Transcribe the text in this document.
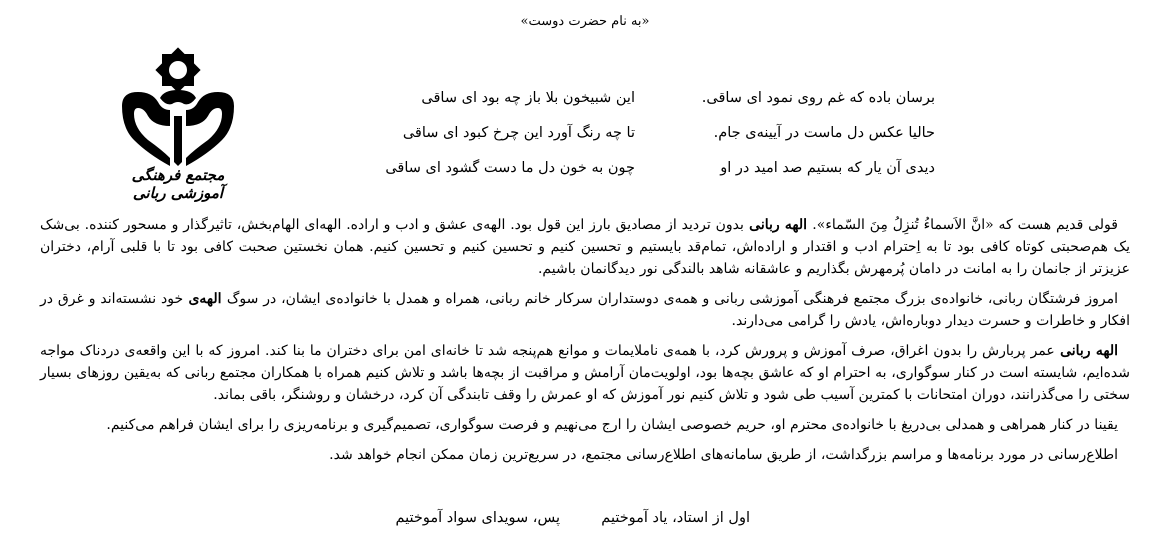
«به نام حضرت دوست»
مجتمع فرهنگی آموزشی ربانی
برسان باده که غم روی نمود ای ساقی.
این شبیخون بلا باز چه بود ای ساقی
حالیا عکس دل ماست در آیینه‌ی جام.
تا چه رنگ آورد این چرخ کبود ای ساقی
دیدی آن یار که بستیم صد امید در او
چون به خون دل ما دست گشود ای ساقی

قولی قدیم هست که «انَّ الاَسماءُ تُنزِلُ مِنَ السّماء». الهه ربانی بدون تردید از مصادیق بارز این قول بود. الهه‌ی عشق و ادب و اراده. الهه‌ای الهام‌بخش، تاثیرگذار و مسحور کننده. بی‌شک یک هم‌صحبتی کوتاه کافی بود تا به اِحترام ادب و اقتدار و اراده‌اش، تمام‌قد بایستیم و تحسین کنیم و تحسین کنیم و تحسین کنیم. همان نخستین صحبت کافی بود تا با قلبی آرام، دختران عزیزتر از جانمان را به امانت در دامان پُرمهرش بگذاریم و عاشقانه شاهد بالندگی نور دیدگانمان باشیم.

امروز فرشتگان ربانی، خانواده‌ی بزرگ مجتمع فرهنگی آموزشی ربانی و همه‌ی دوستداران سرکار خانم ربانی، همراه و همدل با خانواده‌ی ایشان، در سوگ الهه‌ی خود نشسته‌اند و غرق در افکار و خاطرات و حسرت دیدار دوباره‌اش، یادش را گرامی می‌دارند.

الهه ربانی عمر پربارش را بدون اغراق، صرف آموزش و پرورش کرد، با همه‌ی ناملایمات و موانع هم‌پنجه شد تا خانه‌ای امن برای دختران ما بنا کند. امروز که با این واقعه‌ی دردناک مواجه شده‌ایم، شایسته است در کنار سوگواری، به احترام او که عاشق بچه‌ها بود، اولویت‌مان آرامش و مراقبت از بچه‌ها باشد و تلاش کنیم همراه با همکاران مجتمع ربانی که به‌یقین روزهای بسیار سختی را می‌گذرانند، دوران امتحانات با کمترین آسیب طی شود و تلاش کنیم نور آموزش که او عمرش را وقف تابندگی آن کرد، درخشان و روشنگر، باقی بماند.

یقینا در کنار همراهی و همدلی بی‌دریغ با خانواده‌ی محترم او، حریم خصوصی ایشان را ارج می‌نهیم و فرصت سوگواری، تصمیم‌گیری و برنامه‌ریزی را برای ایشان فراهم می‌کنیم.

اطلاع‌رسانی در مورد برنامه‌ها و مراسم بزرگداشت، از طریق سامانه‌های اطلاع‌رسانی مجتمع، در سریع‌ترین زمان ممکن انجام خواهد شد.

اول از استاد، یاد آموختیم
پس، سویدای سواد آموختیم
